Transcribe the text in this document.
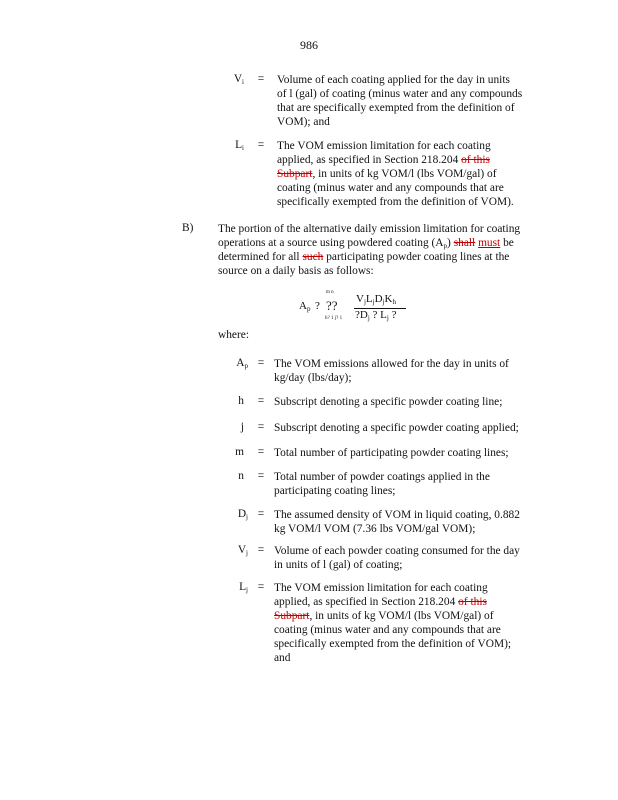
986
$V_i$	=	Volume of each coating applied for the day in units
of l (gal) of coating (minus water and any compounds
that are specifically exempted from the definition of
VOM); and
$L_i$	=	The VOM emission limitation for each coating
applied, as specified in Section 218.204 of this
Subpart, in units of kg VOM/l (lbs VOM/gal) of
coating (minus water and any compounds that are
specifically exempted from the definition of VOM).
B) The portion of the alternative daily emission limitation for coating
operations at a source using powdered coating $(A_p)$ shall must be
determined for all such participating powder coating lines at the
source on a daily basis as follows:
$A_p$ ?
m n
??
h? 1 j? 1
$V_jL_jD_jK_h$
$?D_j$ ? $L_j$ ?
where:
$A_p$ = The VOM emissions allowed for the day in units of
kg/day (lbs/day);
h	= Subscript denoting a specific powder coating line;
j	= Subscript denoting a specific powder coating applied;
m	= Total number of participating powder coating lines;
n	= Total number of powder coatings applied in the
participating coating lines;
$D_j$ = The assumed density of VOM in liquid coating, 0.882
kg VOM/l VOM (7.36 lbs VOM/gal VOM);
$V_j$ = Volume of each powder coating consumed for the day
in units of l (gal) of coating;
$L_j$ = The VOM emission limitation for each coating
applied, as specified in Section 218.204 of this
Subpart, in units of kg VOM/l (lbs VOM/gal) of
coating (minus water and any compounds that are
specifically exempted from the definition of VOM);
and
